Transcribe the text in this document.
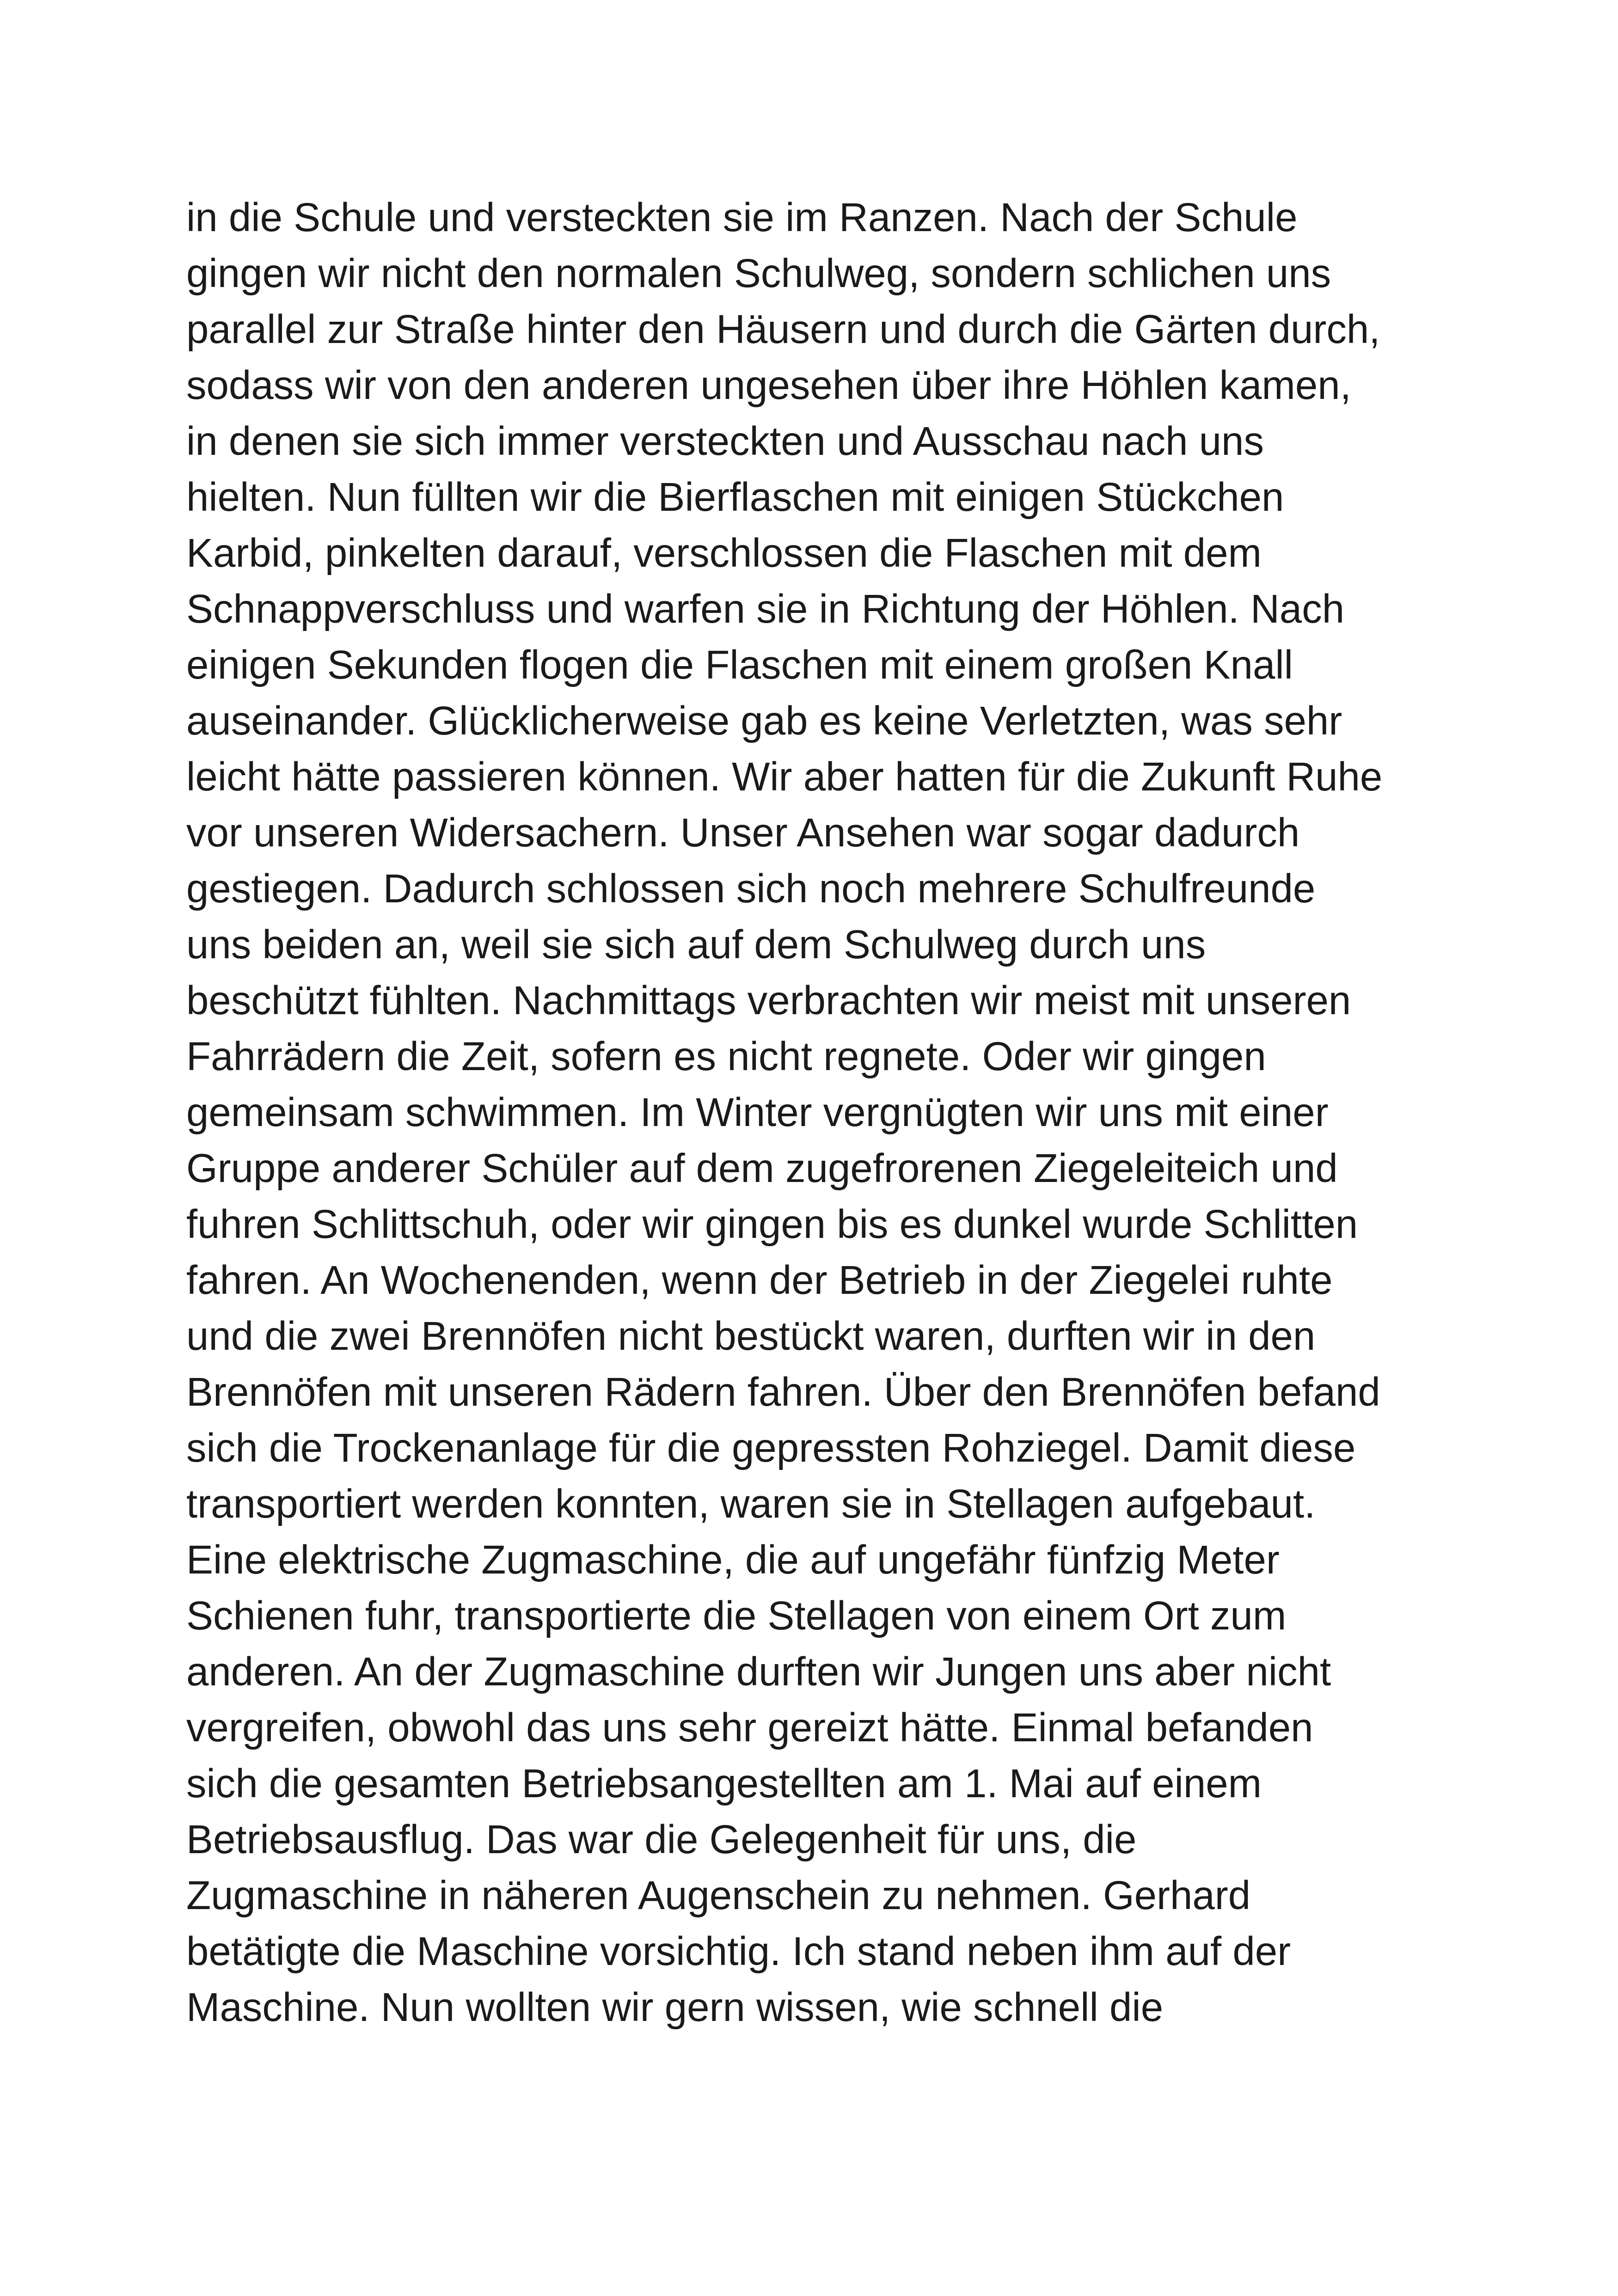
in die Schule und versteckten sie im Ranzen. Nach der Schule

gingen wir nicht den normalen Schulweg, sondern schlichen uns

parallel zur Straße hinter den Häusern und durch die Gärten durch,

sodass wir von den anderen ungesehen über ihre Höhlen kamen,

in denen sie sich immer versteckten und Ausschau nach uns

hielten. Nun füllten wir die Bierflaschen mit einigen Stückchen

Karbid, pinkelten darauf, verschlossen die Flaschen mit dem

Schnappverschluss und warfen sie in Richtung der Höhlen. Nach

einigen Sekunden flogen die Flaschen mit einem großen Knall

auseinander. Glücklicherweise gab es keine Verletzten, was sehr

leicht hätte passieren können. Wir aber hatten für die Zukunft Ruhe

vor unseren Widersachern. Unser Ansehen war sogar dadurch

gestiegen. Dadurch schlossen sich noch mehrere Schulfreunde

uns beiden an, weil sie sich auf dem Schulweg durch uns

beschützt fühlten. Nachmittags verbrachten wir meist mit unseren

Fahrrädern die Zeit, sofern es nicht regnete. Oder wir gingen

gemeinsam schwimmen. Im Winter vergnügten wir uns mit einer

Gruppe anderer Schüler auf dem zugefrorenen Ziegeleiteich und

fuhren Schlittschuh, oder wir gingen bis es dunkel wurde Schlitten

fahren. An Wochenenden, wenn der Betrieb in der Ziegelei ruhte

und die zwei Brennöfen nicht bestückt waren, durften wir in den

Brennöfen mit unseren Rädern fahren. Über den Brennöfen befand

sich die Trockenanlage für die gepressten Rohziegel. Damit diese

transportiert werden konnten, waren sie in Stellagen aufgebaut.

Eine elektrische Zugmaschine, die auf ungefähr fünfzig Meter

Schienen fuhr, transportierte die Stellagen von einem Ort zum

anderen. An der Zugmaschine durften wir Jungen uns aber nicht

vergreifen, obwohl das uns sehr gereizt hätte. Einmal befanden

sich die gesamten Betriebsangestellten am 1. Mai auf einem

Betriebsausflug. Das war die Gelegenheit für uns, die

Zugmaschine in näheren Augenschein zu nehmen. Gerhard

betätigte die Maschine vorsichtig. Ich stand neben ihm auf der

Maschine. Nun wollten wir gern wissen, wie schnell die
